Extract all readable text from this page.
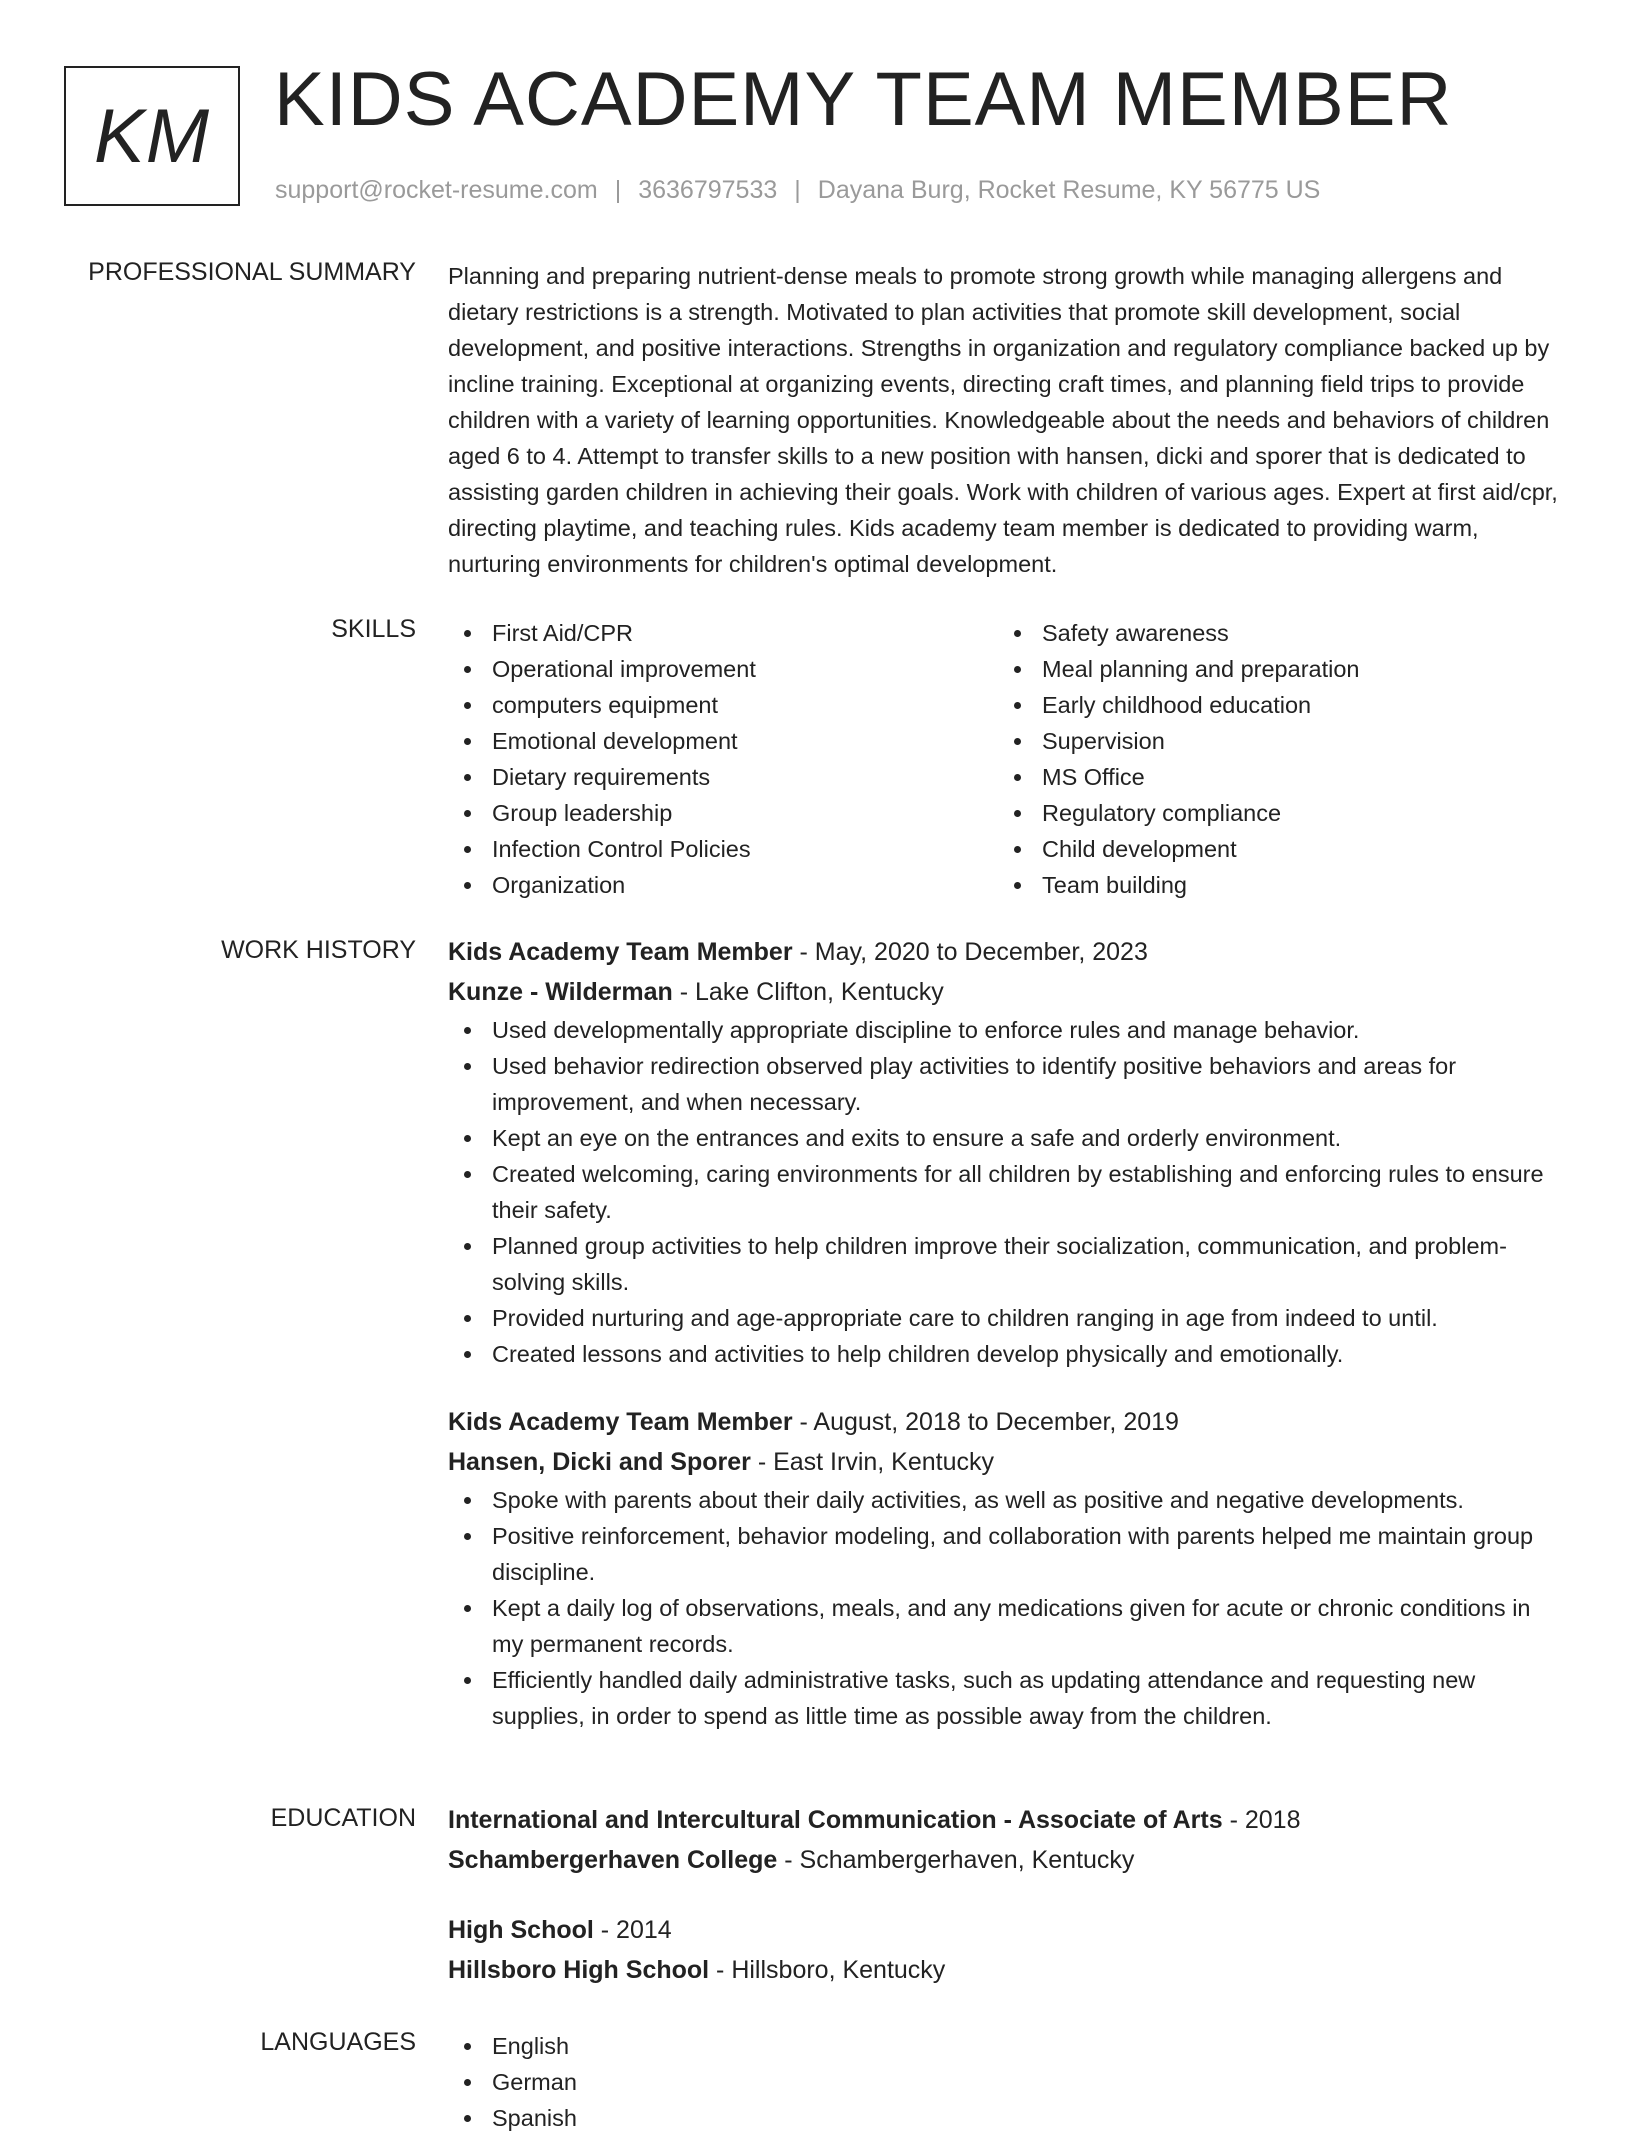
KM KIDS ACADEMY TEAM MEMBER
support@rocket-resume.com | 3636797533 | Dayana Burg, Rocket Resume, KY 56775 US
PROFESSIONAL SUMMARY Planning and preparing nutrient-dense meals to promote strong growth while managing allergens and dietary restrictions is a strength. Motivated to plan activities that promote skill development, social development, and positive interactions. Strengths in organization and regulatory compliance backed up by incline training. Exceptional at organizing events, directing craft times, and planning field trips to provide children with a variety of learning opportunities. Knowledgeable about the needs and behaviors of children aged 6 to 4. Attempt to transfer skills to a new position with hansen, dicki and sporer that is dedicated to assisting garden children in achieving their goals. Work with children of various ages. Expert at first aid/cpr, directing playtime, and teaching rules. Kids academy team member is dedicated to providing warm, nurturing environments for children's optimal development.

SKILLS	First Aid/CPR
Operational improvement
computers equipment
Emotional development
Dietary requirements
Group leadership
Infection Control Policies
Organization
Safety awareness
Meal planning and preparation
Early childhood education
Supervision
MS Office
Regulatory compliance
Child development
Team building
WORK HISTORY Kids Academy Team Member - May, 2020 to December, 2023
Kunze - Wilderman - Lake Clifton, Kentucky
Used developmentally appropriate discipline to enforce rules and manage behavior.
Used behavior redirection observed play activities to identify positive behaviors and areas for improvement, and when necessary.
Kept an eye on the entrances and exits to ensure a safe and orderly environment.
Created welcoming, caring environments for all children by establishing and enforcing rules to ensure their safety.
Planned group activities to help children improve their socialization, communication, and problem-solving skills.
Provided nurturing and age-appropriate care to children ranging in age from indeed to until.
Created lessons and activities to help children develop physically and emotionally.
Kids Academy Team Member - August, 2018 to December, 2019
Hansen, Dicki and Sporer - East Irvin, Kentucky
Spoke with parents about their daily activities, as well as positive and negative developments.
Positive reinforcement, behavior modeling, and collaboration with parents helped me maintain group discipline.
Kept a daily log of observations, meals, and any medications given for acute or chronic conditions in my permanent records.
Efficiently handled daily administrative tasks, such as updating attendance and requesting new supplies, in order to spend as little time as possible away from the children.
EDUCATION International and Intercultural Communication - Associate of Arts - 2018
Schambergerhaven College - Schambergerhaven, Kentucky
High School - 2014
Hillsboro High School - Hillsboro, Kentucky
LANGUAGES	English
German
Spanish
